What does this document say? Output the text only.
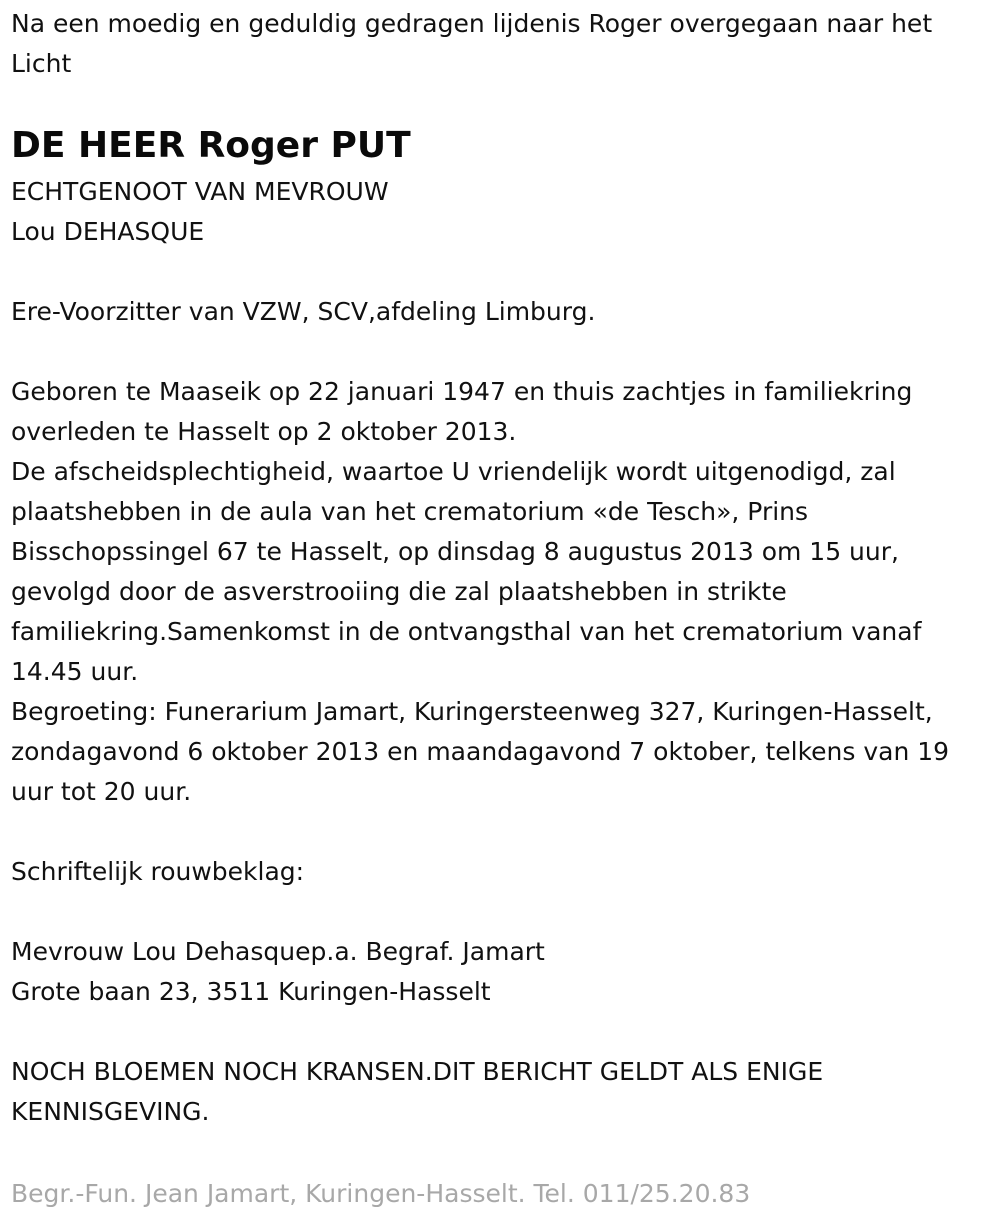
Na een moedig en geduldig gedragen lijdenis Roger overgegaan naar het Licht

DE HEER Roger PUT

ECHTGENOOT VAN MEVROUW

Lou DEHASQUE

Ere-Voorzitter van VZW, SCV,afdeling Limburg.

Geboren te Maaseik op 22 januari 1947 en thuis zachtjes in familiekring overleden te Hasselt op 2 oktober 2013.

De afscheidsplechtigheid, waartoe U vriendelijk wordt uitgenodigd, zal plaatshebben in de aula van het crematorium «de Tesch», Prins Bisschopssingel 67 te Hasselt, op dinsdag 8 augustus 2013 om 15 uur, gevolgd door de asverstrooiing die zal plaatshebben in strikte familiekring.Samenkomst in de ontvangsthal van het crematorium vanaf 14.45 uur.

Begroeting: Funerarium Jamart, Kuringersteenweg 327, Kuringen-Hasselt, zondagavond 6 oktober 2013 en maandagavond 7 oktober, telkens van 19 uur tot 20 uur.

Schriftelijk rouwbeklag:

Mevrouw Lou Dehasquep.a. Begraf. Jamart

Grote baan 23, 3511 Kuringen-Hasselt

NOCH BLOEMEN NOCH KRANSEN.DIT BERICHT GELDT ALS ENIGE KENNISGEVING.

Begr.-Fun. Jean Jamart, Kuringen-Hasselt. Tel. 011/25.20.83
